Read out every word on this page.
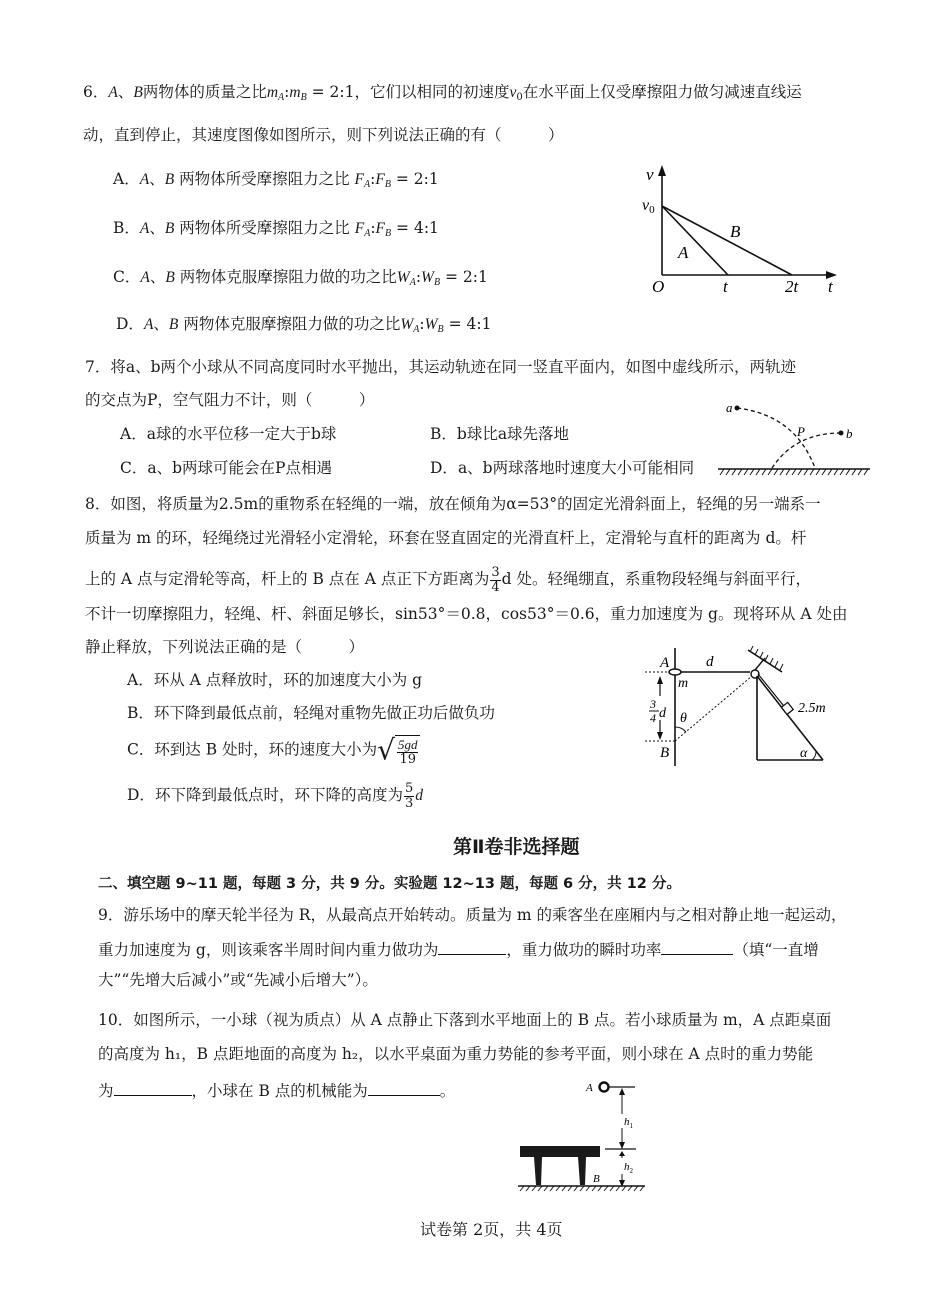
6．A、B两物体的质量之比$m_A:m_B$ = 2:1，它们以相同的初速度$v_0$在水平面上仅受摩擦阻力做匀减速直线运
动，直到停止，其速度图像如图所示，则下列说法正确的有（　　　）
A．A、B 两物体所受摩擦阻力之比 $F_A:F_B$ = 2:1
B．A、B 两物体所受摩擦阻力之比 $F_A:F_B$ = 4:1
C．A、B 两物体克服摩擦阻力做的功之比$W_A:W_B$ = 2:1
D．A、B 两物体克服摩擦阻力做的功之比$W_A:W_B$ = 4:1
v
v0
B
A
O	t	2t t
7．将a、b两个小球从不同高度同时水平抛出，其运动轨迹在同一竖直平面内，如图中虚线所示，两轨迹
的交点为P，空气阻力不计，则（　　　）
A．a球的水平位移一定大于b球	B．b球比a球先落地
C．a、b两球可能会在P点相遇	D．a、b两球落地时速度大小可能相同
a
b
P
8．如图，将质量为2.5m的重物系在轻绳的一端，放在倾角为α=53°的固定光滑斜面上，轻绳的另一端系一
质量为 m 的环，轻绳绕过光滑轻小定滑轮，环套在竖直固定的光滑直杆上，定滑轮与直杆的距离为 d。杆
上的 A 点与定滑轮等高，杆上的 B 点在 A 点正下方距离为 $\frac{3}{4}$ d 处。轻绳绷直，系重物段轻绳与斜面平行，
不计一切摩擦阻力，轻绳、杆、斜面足够长，sin53°＝0.8，cos53°＝0.6，重力加速度为 g。现将环从 A 处由
静止释放，下列说法正确的是（　　　）
A．环从 A 点释放时，环的加速度大小为 g
B．环下降到最低点前，轻绳对重物先做正功后做负功
C．环到达 B 处时，环的速度大小为√ $\frac{5gd}{19}$
D．环下降到最低点时，环下降的高度为 $\frac{5}{3}$ d
A
m
d
3
4 d θ
B	α
2.5m
第Ⅱ卷非选择题
二、填空题 9~11 题，每题 3 分，共 9 分。实验题 12~13 题，每题 6 分，共 12 分。
9．游乐场中的摩天轮半径为 R，从最高点开始转动。质量为 m 的乘客坐在座厢内与之相对静止地一起运动，
重力加速度为 g，则该乘客半周时间内重力做功为	，重力做功的瞬时功率	（填“一直增
大”“先增大后减小”或“先减小后增大”）。
10．如图所示，一小球（视为质点）从 A 点静止下落到水平地面上的 B 点。若小球质量为 m，A 点距桌面
的高度为 h₁，B 点距地面的高度为 h₂，以水平桌面为重力势能的参考平面，则小球在 A 点时的重力势能
为	，小球在 B 点的机械能为	。	A
B
$h_1$
$h_2$
试卷第 2页，共 4页
